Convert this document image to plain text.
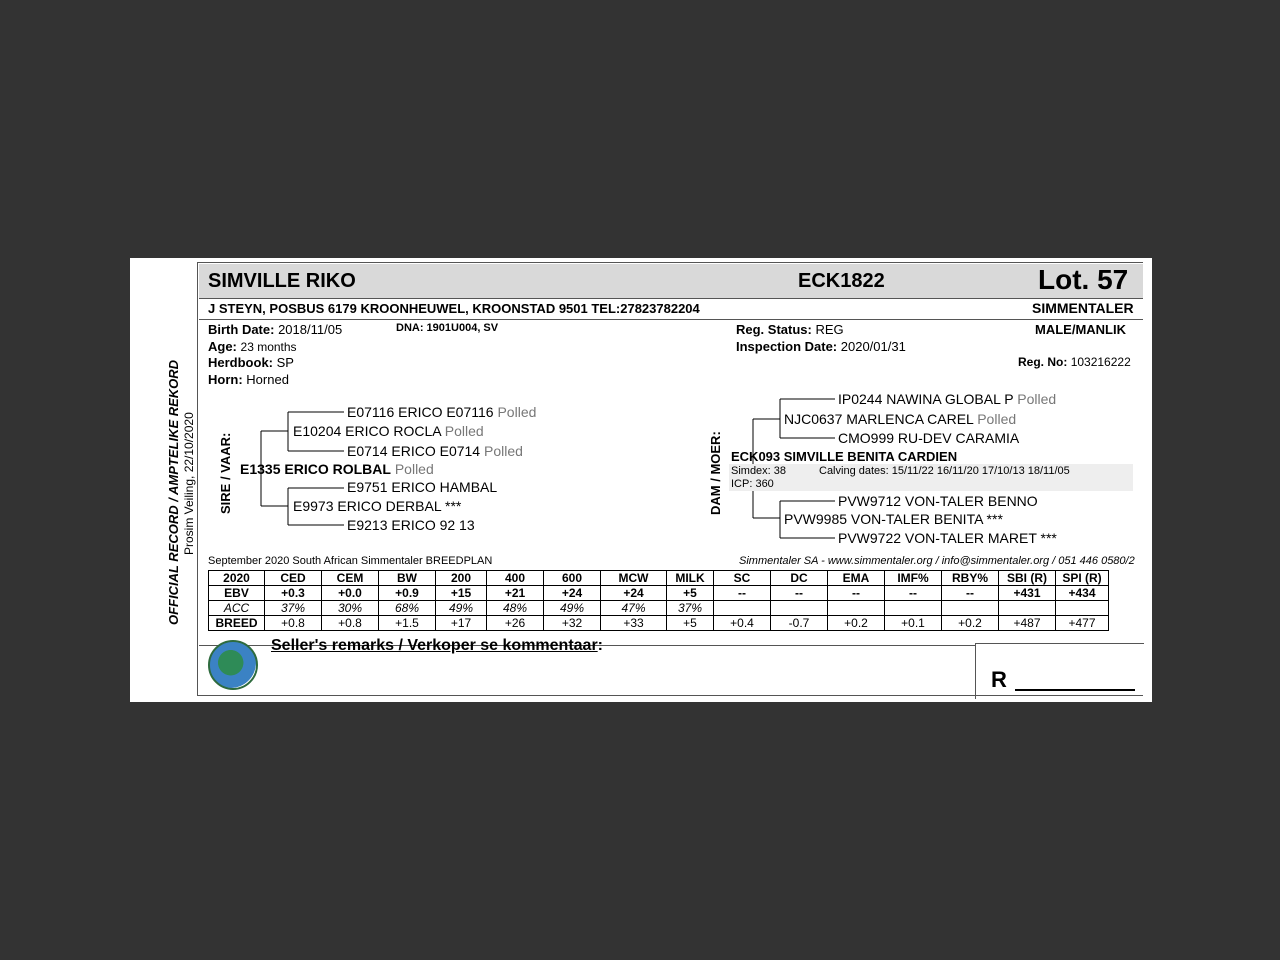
OFFICIAL RECORD / AMPTELIKE REKORD Prosim Veiling, 22/10/2020
SIMVILLE RIKO	ECK1822	Lot. 57
J STEYN, POSBUS 6179 KROONHEUWEL, KROONSTAD 9501 TEL:27823782204	SIMMENTALER
Birth Date: 2018/11/05	DNA: 1901U004, SV
Age: 23 months
Herdbook: SP
Horn: Horned
Reg. Status: REG
Inspection Date: 2020/01/31
MALE/MANLIK
Reg. No: 103216222
SIRE / VAAR:
E07116 ERICO E07116 Polled
E10204 ERICO ROCLA Polled
E0714 ERICO E0714 Polled
E1335 ERICO ROLBAL Polled
E9751 ERICO HAMBAL
E9973 ERICO DERBAL ***
E9213 ERICO 92 13
DAM / MOER:
IP0244 NAWINA GLOBAL P Polled
NJC0637 MARLENCA CAREL Polled
CMO999 RU-DEV CARAMIA
ECK093 SIMVILLE BENITA CARDIEN
Simdex: 38	Calving dates: 15/11/22 16/11/20 17/10/13 18/11/05
ICP: 360
PVW9712 VON-TALER BENNO
PVW9985 VON-TALER BENITA ***
PVW9722 VON-TALER MARET ***
September 2020 South African Simmentaler BREEDPLAN	Simmentaler SA - www.simmentaler.org / info@simmentaler.org / 051 446 0580/2
2020	CED	CEM	BW	200	400	600	MCW	MILK	SC	DC	EMA	IMF%	RBY%	SBI (R)	SPI (R)
EBV	+0.3	+0.0	+0.9	+15	+21	+24	+24	+5	--	--	--	--	--	+431	+434
ACC	37%	30%	68%	49%	48%	49%	47%	37%							
BREED	+0.8	+0.8	+1.5	+17	+26	+32	+33	+5	+0.4	-0.7	+0.2	+0.1	+0.2	+487	+477
Seller's remarks / Verkoper se kommentaar:
R
